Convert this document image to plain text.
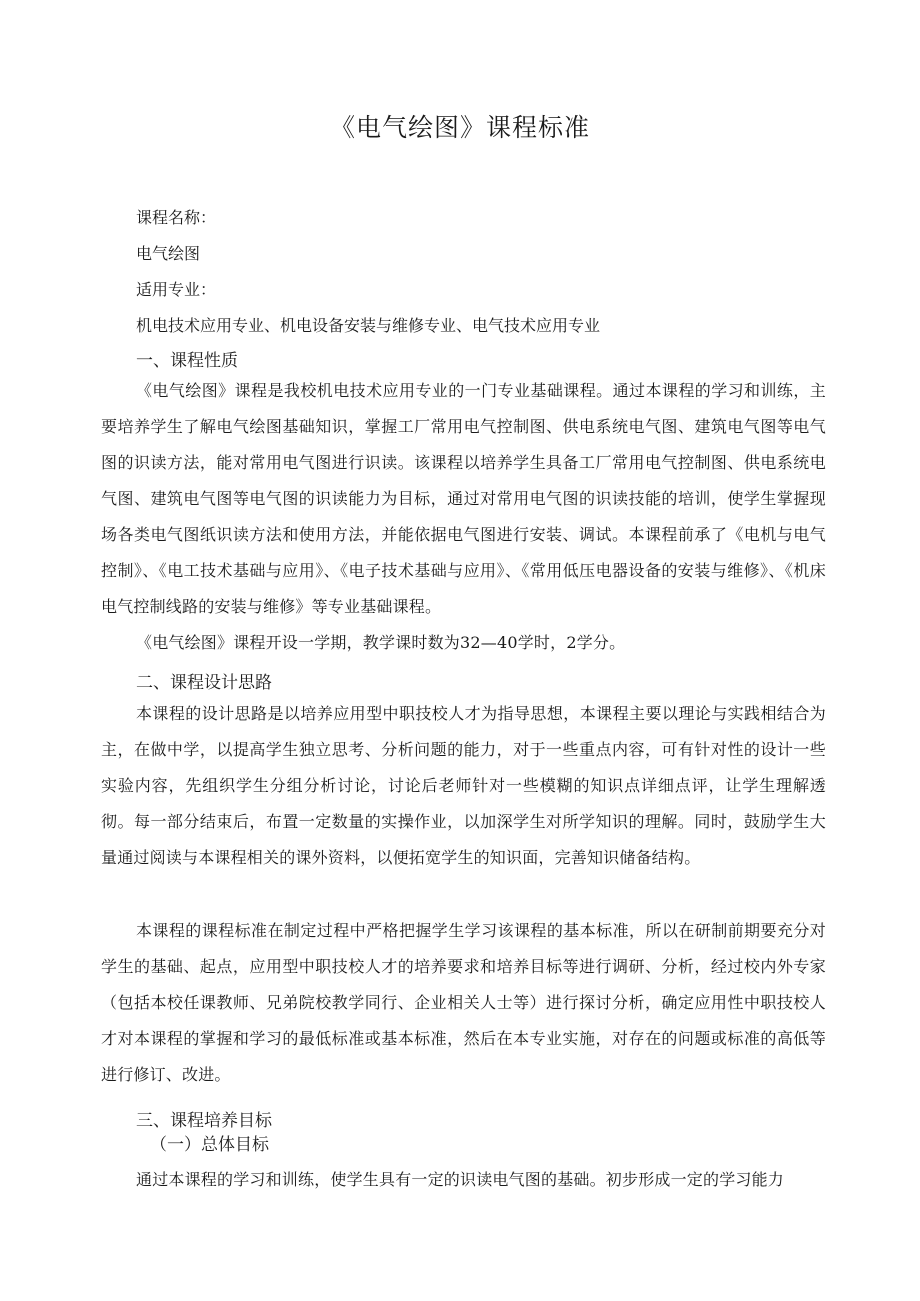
《电气绘图》课程标准

课程名称：

电气绘图

适用专业：

机电技术应用专业、机电设备安装与维修专业、电气技术应用专业

一、课程性质

《电气绘图》课程是我校机电技术应用专业的一门专业基础课程。通过本课程的学习和训练，主要培养学生了解电气绘图基础知识，掌握工厂常用电气控制图、供电系统电气图、建筑电气图等电气图的识读方法，能对常用电气图进行识读。该课程以培养学生具备工厂常用电气控制图、供电系统电气图、建筑电气图等电气图的识读能力为目标，通过对常用电气图的识读技能的培训，使学生掌握现场各类电气图纸识读方法和使用方法，并能依据电气图进行安装、调试。本课程前承了《电机与电气控制》、《电工技术基础与应用》、《电子技术基础与应用》、《常用低压电器设备的安装与维修》、《机床电气控制线路的安装与维修》等专业基础课程。

《电气绘图》课程开设一学期，教学课时数为32—40学时，2学分。

二、课程设计思路

本课程的设计思路是以培养应用型中职技校人才为指导思想，本课程主要以理论与实践相结合为主，在做中学，以提高学生独立思考、分析问题的能力，对于一些重点内容，可有针对性的设计一些实验内容，先组织学生分组分析讨论，讨论后老师针对一些模糊的知识点详细点评，让学生理解透彻。每一部分结束后，布置一定数量的实操作业，以加深学生对所学知识的理解。同时，鼓励学生大量通过阅读与本课程相关的课外资料，以便拓宽学生的知识面，完善知识储备结构。

本课程的课程标准在制定过程中严格把握学生学习该课程的基本标准，所以在研制前期要充分对学生的基础、起点，应用型中职技校人才的培养要求和培养目标等进行调研、分析，经过校内外专家（包括本校任课教师、兄弟院校教学同行、企业相关人士等）进行探讨分析，确定应用性中职技校人才对本课程的掌握和学习的最低标准或基本标准，然后在本专业实施，对存在的问题或标准的高低等进行修订、改进。

三、课程培养目标

（一）总体目标

通过本课程的学习和训练，使学生具有一定的识读电气图的基础。初步形成一定的学习能力
